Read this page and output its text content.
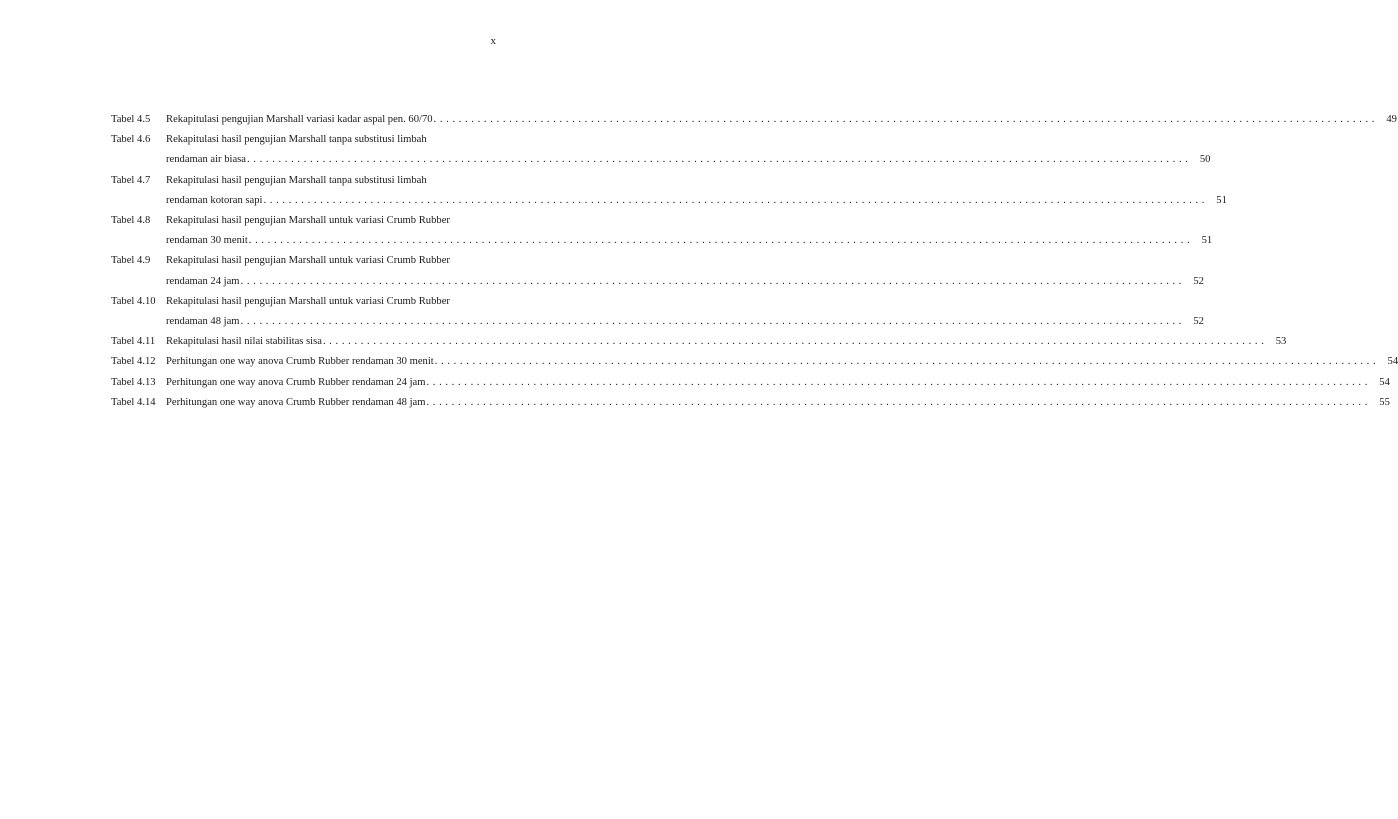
x
Tabel 4.5	Rekapitulasi pengujian Marshall variasi kadar aspal pen. 60/70 . . . . . . . . . . . . . . . . . . . . . . . . . . . . . . . . . . . . . . . . . . . . . . . . . . . . . . . . . . . . . . . . . . . . . . . . . . . . . . . . . . . . . . . . . . . . . . . . . . . . . . . . . . . . . . . . . . . . . . . . . . . . . . . . . . . . . . . . . . . . . . . . . . . . . .	49
Tabel 4.6	Rekapitulasi hasil pengujian Marshall tanpa substitusi limbah
rendaman air biasa . . . . . . . . . . . . . . . . . . . . . . . . . . . . . . . . . . . . . . . . . . . . . . . . . . . . . . . . . . . . . . . . . . . . . . . . . . . . . . . . . . . . . . . . . . . . . . . . . . . . . . . . . . . . . . . . . . . . . . . . . . . . . . . . . . . . . . . . . . . . . . . . . . . . . .	50
Tabel 4.7	Rekapitulasi hasil pengujian Marshall tanpa substitusi limbah
rendaman kotoran sapi . . . . . . . . . . . . . . . . . . . . . . . . . . . . . . . . . . . . . . . . . . . . . . . . . . . . . . . . . . . . . . . . . . . . . . . . . . . . . . . . . . . . . . . . . . . . . . . . . . . . . . . . . . . . . . . . . . . . . . . . . . . . . . . . . . . . . . . . . . . . . . . . . . . . . .	51
Tabel 4.8	Rekapitulasi hasil pengujian Marshall untuk variasi Crumb Rubber
rendaman 30 menit . . . . . . . . . . . . . . . . . . . . . . . . . . . . . . . . . . . . . . . . . . . . . . . . . . . . . . . . . . . . . . . . . . . . . . . . . . . . . . . . . . . . . . . . . . . . . . . . . . . . . . . . . . . . . . . . . . . . . . . . . . . . . . . . . . . . . . . . . . . . . . . . . . . . . .	51
Tabel 4.9	Rekapitulasi hasil pengujian Marshall untuk variasi Crumb Rubber
rendaman 24 jam . . . . . . . . . . . . . . . . . . . . . . . . . . . . . . . . . . . . . . . . . . . . . . . . . . . . . . . . . . . . . . . . . . . . . . . . . . . . . . . . . . . . . . . . . . . . . . . . . . . . . . . . . . . . . . . . . . . . . . . . . . . . . . . . . . . . . . . . . . . . . . . . . . . . . .	52
Tabel 4.10 Rekapitulasi hasil pengujian Marshall untuk variasi Crumb Rubber
rendaman 48 jam . . . . . . . . . . . . . . . . . . . . . . . . . . . . . . . . . . . . . . . . . . . . . . . . . . . . . . . . . . . . . . . . . . . . . . . . . . . . . . . . . . . . . . . . . . . . . . . . . . . . . . . . . . . . . . . . . . . . . . . . . . . . . . . . . . . . . . . . . . . . . . . . . . . . . .	52
Tabel 4.11	Rekapitulasi hasil nilai stabilitas sisa . . . . . . . . . . . . . . . . . . . . . . . . . . . . . . . . . . . . . . . . . . . . . . . . . . . . . . . . . . . . . . . . . . . . . . . . . . . . . . . . . . . . . . . . . . . . . . . . . . . . . . . . . . . . . . . . . . . . . . . . . . . . . . . . . . . . . . . . . . . . . . . . . . . . . .	53
Tabel 4.12 Perhitungan one way anova Crumb Rubber rendaman 30 menit . . . . . . . . . . . . . . . . . . . . . . . . . . . . . . . . . . . . . . . . . . . . . . . . . . . . . . . . . . . . . . . . . . . . . . . . . . . . . . . . . . . . . . . . . . . . . . . . . . . . . . . . . . . . . . . . . . . . . . . . . . . . . . . . . . . . . . . . . . . . . . . . . . . . . .	54
Tabel 4.13 Perhitungan one way anova Crumb Rubber rendaman 24 jam . . . . . . . . . . . . . . . . . . . . . . . . . . . . . . . . . . . . . . . . . . . . . . . . . . . . . . . . . . . . . . . . . . . . . . . . . . . . . . . . . . . . . . . . . . . . . . . . . . . . . . . . . . . . . . . . . . . . . . . . . . . . . . . . . . . . . . . . . . . . . . . . . . . . . .	54
Tabel 4.14 Perhitungan one way anova Crumb Rubber rendaman 48 jam . . . . . . . . . . . . . . . . . . . . . . . . . . . . . . . . . . . . . . . . . . . . . . . . . . . . . . . . . . . . . . . . . . . . . . . . . . . . . . . . . . . . . . . . . . . . . . . . . . . . . . . . . . . . . . . . . . . . . . . . . . . . . . . . . . . . . . . . . . . . . . . . . . . . . .	55
